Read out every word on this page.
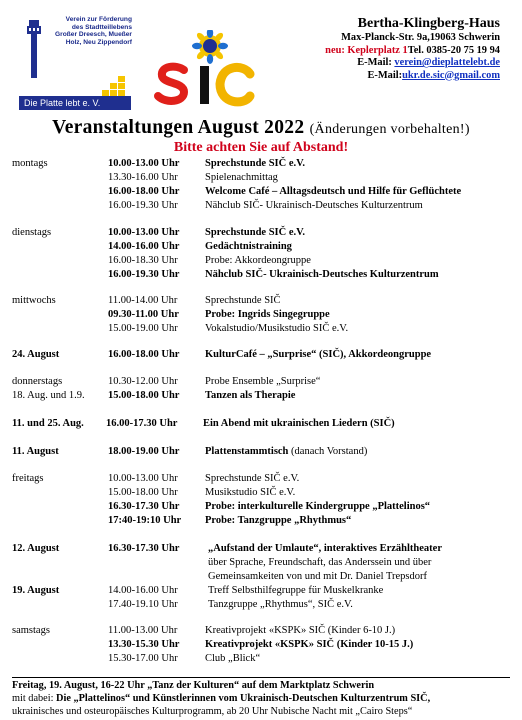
Verein zur Förderung
des Stadtteillebens
Großer Dreesch, Mueßer
Holz, Neu Zippendorf
Die Platte lebt e. V.
Bertha-Klingberg-Haus
Max-Planck-Str. 9a,19063 Schwerin
neu: Keplerplatz 1Tel. 0385-20 75 19 94
E-Mail: verein@dieplattelebt.de
E-Mail:ukr.de.sic@gmail.com
Veranstaltungen August 2022 (Änderungen vorbehalten!)
Bitte achten Sie auf Abstand!
montags	10.00-13.00 Uhr Sprechstunde SIČ e.V.
13.30-16.00 Uhr	Spielenachmittag
16.00-18.00 Uhr Welcome Café – Alltagsdeutsch und Hilfe für Geflüchtete
16.00-19.30 Uhr	Nähclub SIČ- Ukrainisch-Deutsches Kulturzentrum
dienstags	10.00-13.00 Uhr Sprechstunde SIČ e.V.
14.00-16.00 Uhr Gedächtnistraining
16.00-18.30 Uhr	Probe: Akkordeongruppe
16.00-19.30 Uhr Nähclub SIČ- Ukrainisch-Deutsches Kulturzentrum
mittwochs	11.00-14.00 Uhr	Sprechstunde SIČ
09.30-11.00 Uhr Probe: Ingrids Singegruppe
15.00-19.00 Uhr	Vokalstudio/Musikstudio SIČ e.V.
24. August	16.00-18.00 Uhr KulturCafé – „Surprise“ (SIČ), Akkordeongruppe
donnerstags	10.30-12.00 Uhr	Probe Ensemble „Surprise“
18. Aug. und 1.9. 15.00-18.00 Uhr Tanzen als Therapie
11. und 25. Aug. 16.00-17.30 Uhr Ein Abend mit ukrainischen Liedern (SIČ)
11. August	18.00-19.00 Uhr Plattenstammtisch (danach Vorstand)
freitags	10.00-13.00 Uhr	Sprechstunde SIČ e.V.
15.00-18.00 Uhr	Musikstudio SIČ e.V.
16.30-17.30 Uhr Probe: interkulturelle Kindergruppe „Plattelinos“
17:40-19:10 Uhr Probe: Tanzgruppe „Rhythmus“
12. August	16.30-17.30 Uhr	„Aufstand der Umlaute“, interaktives Erzähltheater
über Sprache, Freundschaft, das Anderssein und über
Gemeinsamkeiten von und mit Dr. Daniel Trepsdorf
19. August	14.00-16.00 Uhr	Treff Selbsthilfegruppe für Muskelkranke
17.40-19.10 Uhr	Tanzgruppe „Rhythmus“, SIČ e.V.
samstags	11.00-13.00 Uhr	Kreativprojekt «KSPK» SIČ (Kinder 6-10 J.)
13.30-15.30 Uhr Kreativprojekt «KSPK» SIČ (Kinder 10-15 J.)
15.30-17.00 Uhr	Club „Blick“
Freitag, 19. August, 16-22 Uhr „Tanz der Kulturen“ auf dem Marktplatz Schwerin
mit dabei: Die „Plattelinos“ und Künstlerinnen vom Ukrainisch-Deutschen Kulturzentrum SIČ,
ukrainisches und osteuropäisches Kulturprogramm, ab 20 Uhr Nubische Nacht mit „Cairo Steps“
